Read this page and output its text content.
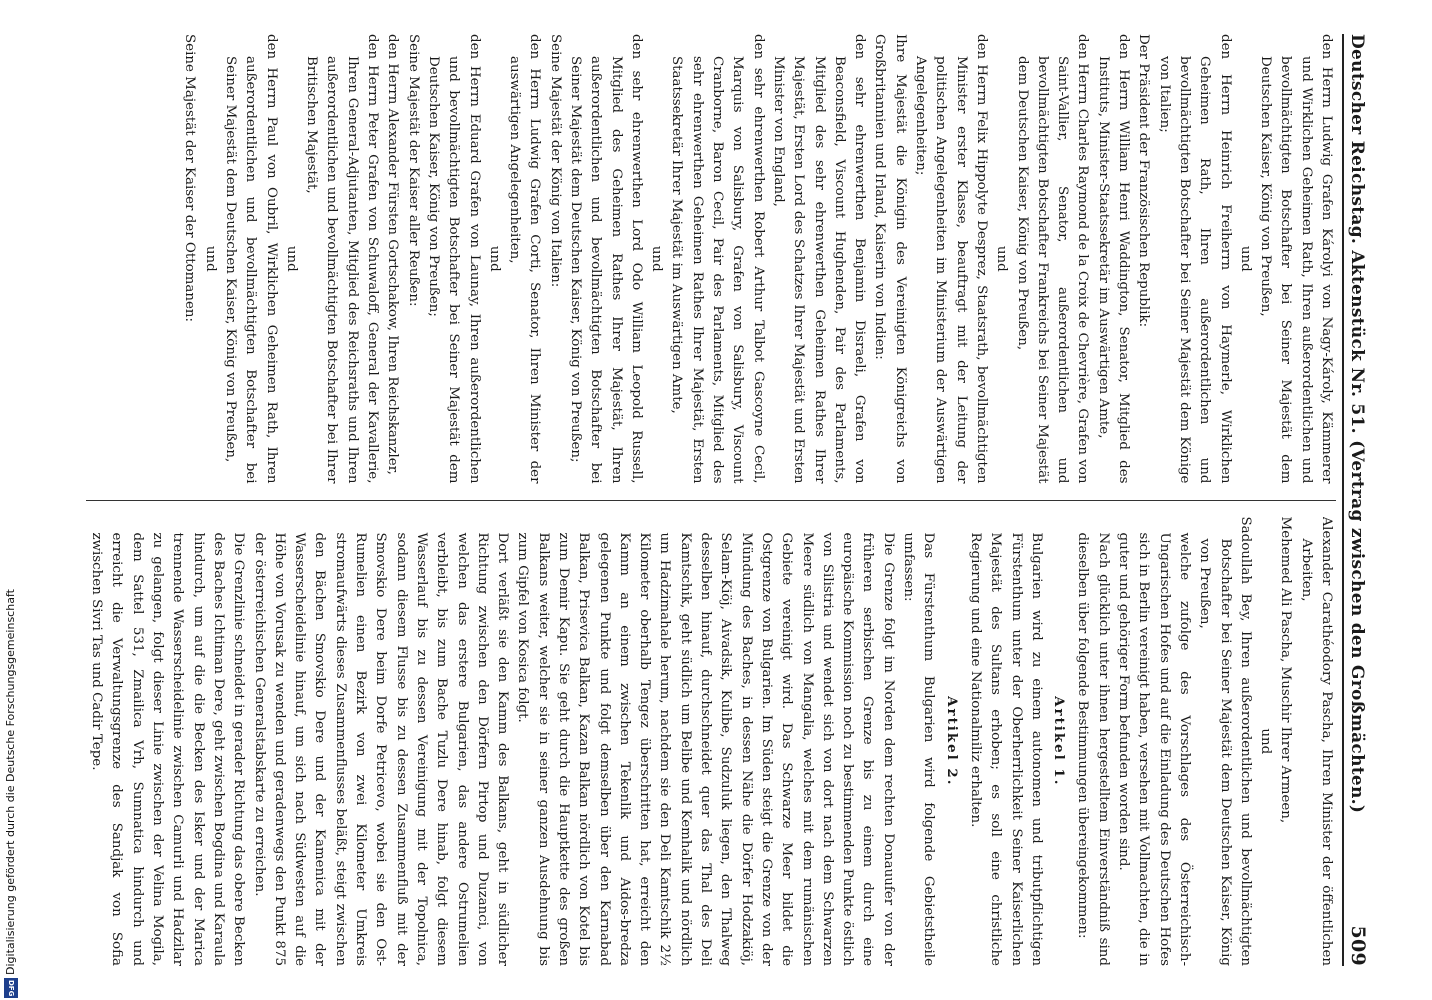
Deutscher Reichstag. Aktenstück Nr. 51. (Vertrag zwischen den Großmächten.)
509

den Herrn Ludwig Grafen Károlyi von Nagy-Károly, Kämmerer und Wirklichen Geheimen Rath, Ihren außerordentlichen und bevollmächtigten Botschafter bei Seiner Majestät dem Deutschen Kaiser, König von Preußen,

und

den Herrn Heinrich Freiherrn von Haymerle, Wirklichen Geheimen Rath, Ihren außerordentlichen und bevollmächtigten Botschafter bei Seiner Majestät dem Könige von Italien;

Der Präsident der Französischen Republik:

den Herrn William Henri Waddington, Senator, Mitglied des Instituts, Minister-Staatssekretär im Auswärtigen Amte,

den Herrn Charles Raymond de la Croix de Chevrière, Grafen von Saint-Vallier, Senator, außerordentlichen und bevollmächtigten Botschafter Frankreichs bei Seiner Majestät dem Deutschen Kaiser, König von Preußen,

und

den Herrn Felix Hippolyte Desprez, Staatsrath, bevollmächtigten Minister erster Klasse, beauftragt mit der Leitung der politischen Angelegenheiten im Ministerium der Auswärtigen Angelegenheiten;

Ihre Majestät die Königin des Vereinigten Königreichs von Großbritannien und Irland, Kaiserin von Indien:

den sehr ehrenwerthen Benjamin Disraeli, Grafen von Beaconsfield, Viscount Hughenden, Pair des Parlaments, Mitglied des sehr ehrenwerthen Geheimen Rathes Ihrer Majestät, Ersten Lord des Schatzes Ihrer Majestät und Ersten Minister von England,

den sehr ehrenwerthen Robert Arthur Talbot Gascoyne Cecil, Marquis von Salisbury, Grafen von Salisbury, Viscount Cranborne, Baron Cecil, Pair des Parlaments, Mitglied des sehr ehrenwerthen Geheimen Rathes Ihrer Majestät, Ersten Staatssekretär Ihrer Majestät im Auswärtigen Amte,

und

den sehr ehrenwerthen Lord Odo William Leopold Russell, Mitglied des Geheimen Rathes Ihrer Majestät, Ihren außerordentlichen und bevollmächtigten Botschafter bei Seiner Majestät dem Deutschen Kaiser, König von Preußen;

Seine Majestät der König von Italien:

den Herrn Ludwig Grafen Corti, Senator, Ihren Minister der auswärtigen Angelegenheiten,

und

den Herrn Eduard Grafen von Launay, Ihren außerordentlichen und bevollmächtigten Botschafter bei Seiner Majestät dem Deutschen Kaiser, König von Preußen;

Seine Majestät der Kaiser aller Reußen:

den Herrn Alexander Fürsten Gortschakow, Ihren Reichskanzler,

den Herrn Peter Grafen von Schuwaloff, General der Kavallerie, Ihren General-Adjutanten, Mitglied des Reichsraths und Ihren außerordentlichen und bevollmächtigten Botschafter bei Ihrer Britischen Majestät,

und

den Herrn Paul von Oubril, Wirklichen Geheimen Rath, Ihren außerordentlichen und bevollmächtigten Botschafter bei Seiner Majestät dem Deutschen Kaiser, König von Preußen,

und

Seine Majestät der Kaiser der Ottomanen:

Alexander Carathéodory Pascha, Ihren Minister der öffentlichen Arbeiten,

Mehemed Ali Pascha, Muschir Ihrer Armeen,

und

Sadoullah Bey, Ihren außerordentlichen und bevollmächtigten Botschafter bei Seiner Majestät dem Deutschen Kaiser, König von Preußen,

welche zufolge des Vorschlages des Österreichisch-Ungarischen Hofes und auf die Einladung des Deutschen Hofes sich in Berlin vereinigt haben, versehen mit Vollmachten, die in guter und gehöriger Form befunden worden sind.

Nach glücklich unter ihnen hergestelltem Einverständniß sind dieselben über folgende Bestimmungen übereingekommen:

Artikel 1.

Bulgarien wird zu einem autonomen und tributpflichtigen Fürstenthum unter der Oberherrlichkeit Seiner Kaiserlichen Majestät des Sultans erhoben; es soll eine christliche Regierung und eine Nationalmiliz erhalten.

Artikel 2.

Das Fürstenthum Bulgarien wird folgende Gebietstheile umfassen:

Die Grenze folgt im Norden dem rechten Donauufer von der früheren serbischen Grenze bis zu einem durch eine europäische Kommission noch zu bestimmenden Punkte östlich von Silistria und wendet sich von dort nach dem Schwarzen Meere südlich von Mangalia, welches mit dem rumänischen Gebiete vereinigt wird. Das Schwarze Meer bildet die Ostgrenze von Bulgarien. Im Süden steigt die Grenze von der Mündung des Baches, in dessen Nähe die Dörfer Hodzakiöj, Selam-Kiöj, Aivadsik, Kulibe, Sudzuluk liegen, den Thalweg desselben hinauf, durchschneidet quer das Thal des Deli Kamtschik, geht südlich um Belibe und Kemhalik und nördlich um Hadzimahale herum, nachdem sie den Deli Kamtschik 2½ Kilometer oberhalb Tengez überschritten hat, erreicht den Kamm an einem zwischen Tekenlik und Aidos-bredza gelegenen Punkte und folgt demselben über den Karnabad Balkan, Prisevica Balkan, Kazan Balkan nördlich von Kotel bis zum Demir Kapu. Sie geht durch die Hauptkette des großen Balkans weiter, welcher sie in seiner ganzen Ausdehnung bis zum Gipfel von Kosica folgt.

Dort verläßt sie den Kamm des Balkans, geht in südlicher Richtung zwischen den Dörfern Pirtop und Duzanci, von welchen das erstere Bulgarien, das andere Ostrumelien verbleibt, bis zum Bache Tuzlu Dere hinab, folgt diesem Wasserlauf bis zu dessen Vereinigung mit der Topolnica, sodann diesem Flusse bis zu dessen Zusammenfluß mit der Smovskio Dere beim Dorfe Petricevo, wobei sie den Ost-Rumelien einen Bezirk von zwei Kilometer Umkreis stromaufwärts dieses Zusammenflusses beläßt, steigt zwischen den Bächen Smovskio Dere und der Kamenica mit der Wasserscheidelinie hinauf, um sich nach Südwesten auf die Höhe von Vorusak zu wenden und geradenwegs den Punkt 875 der österreichischen Generalstabskarte zu erreichen.

Die Grenzlinie schneidet in gerader Richtung das obere Becken des Baches Ichtiman Dere, geht zwischen Bogdina und Karaula hindurch, um auf die die Becken des Isker und der Marica trennende Wasserscheidelinie zwischen Camurli und Hadzilar zu gelangen, folgt dieser Linie zwischen der Velina Mogila, dem Sattel 531, Zmailica Vrh, Sumnatica hindurch und erreicht die Verwaltungsgrenze des Sandjak von Sofia zwischen Sivri Tas und Cadir Tepe.

Digitalisierung gefördert durch die Deutsche Forschungsgemeinschaft
DFG
